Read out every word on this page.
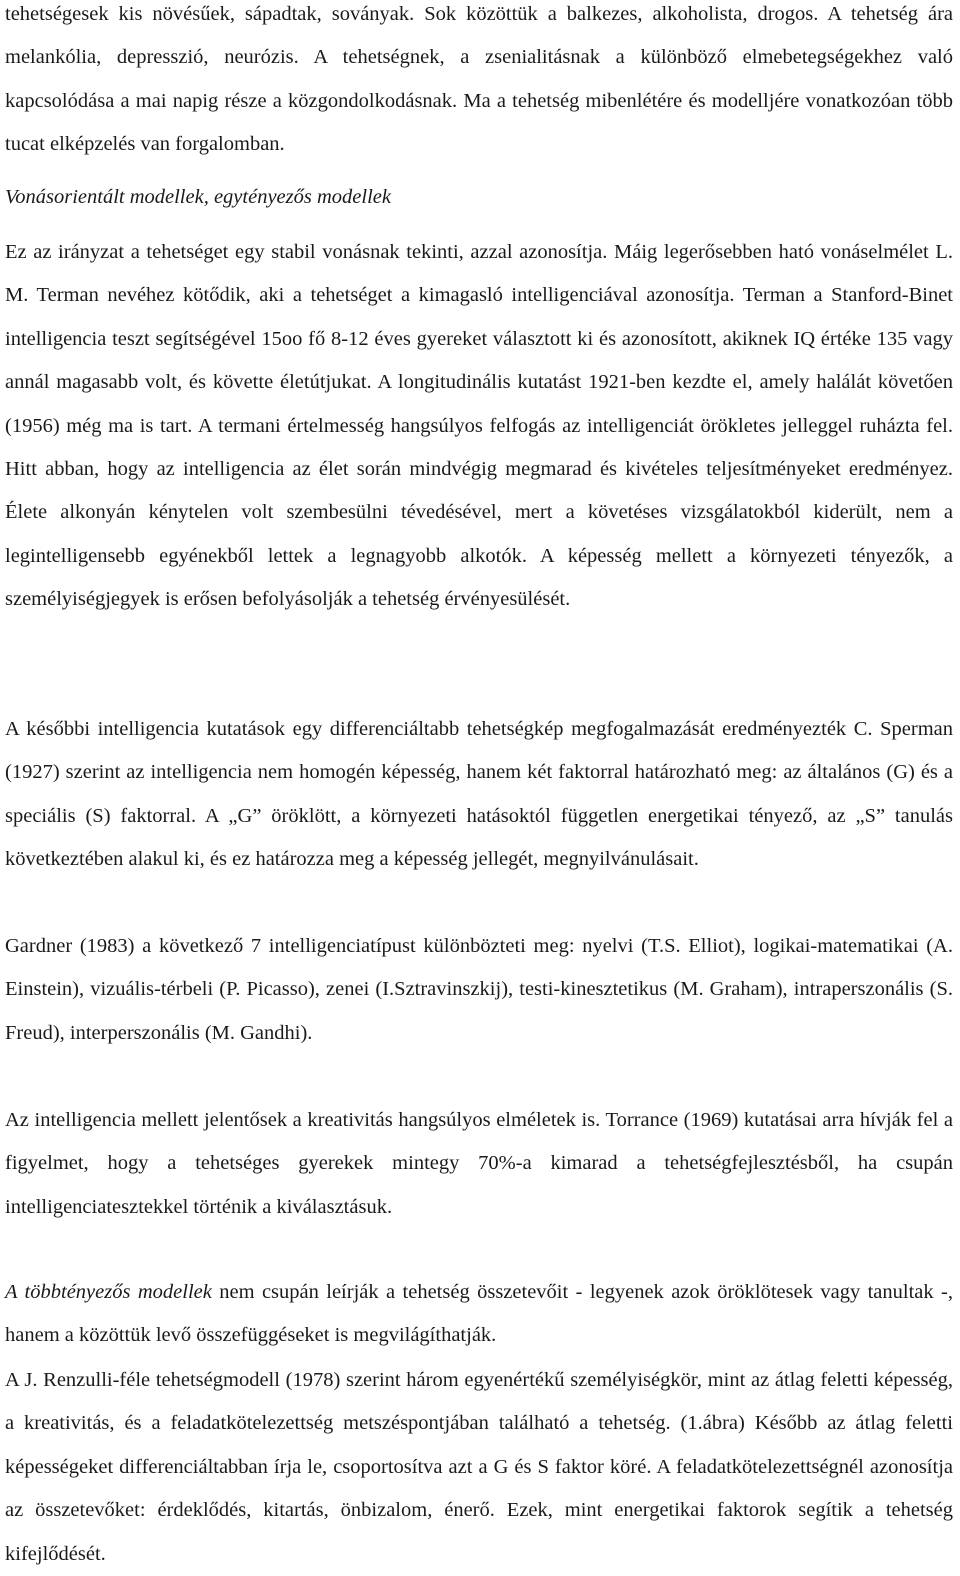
tehetségesek kis növésűek, sápadtak, soványak. Sok közöttük a balkezes, alkoholista, drogos. A tehetség ára melankólia, depresszió, neurózis. A tehetségnek, a zsenialitásnak a különböző elmebetegségekhez való kapcsolódása a mai napig része a közgondolkodásnak. Ma a tehetség mibenlétére és modelljére vonatkozóan több tucat elképzelés van forgalomban.

Vonásorientált modellek, egytényezős modellek

Ez az irányzat a tehetséget egy stabil vonásnak tekinti, azzal azonosítja. Máig legerősebben ható vonáselmélet L. M. Terman nevéhez kötődik, aki a tehetséget a kimagasló intelligenciával azonosítja. Terman a Stanford-Binet intelligencia teszt segítségével 15oo fő 8-12 éves gyereket választott ki és azonosított, akiknek IQ értéke 135 vagy annál magasabb volt, és követte életútjukat. A longitudinális kutatást 1921-ben kezdte el, amely halálát követően (1956) még ma is tart. A termani értelmesség hangsúlyos felfogás az intelligenciát örökletes jelleggel ruházta fel. Hitt abban, hogy az intelligencia az élet során mindvégig megmarad és kivételes teljesítményeket eredményez. Élete alkonyán kénytelen volt szembesülni tévedésével, mert a követéses vizsgálatokból kiderült, nem a legintelligensebb egyénekből lettek a legnagyobb alkotók. A képesség mellett a környezeti tényezők, a személyiségjegyek is erősen befolyásolják a tehetség érvényesülését.

A későbbi intelligencia kutatások egy differenciáltabb tehetségkép megfogalmazását eredményezték C. Sperman (1927) szerint az intelligencia nem homogén képesség, hanem két faktorral határozható meg: az általános (G) és a speciális (S) faktorral. A „G” öröklött, a környezeti hatásoktól független energetikai tényező, az „S” tanulás következtében alakul ki, és ez határozza meg a képesség jellegét, megnyilvánulásait.

Gardner (1983) a következő 7 intelligenciatípust különbözteti meg: nyelvi (T.S. Elliot), logikai-matematikai (A. Einstein), vizuális-térbeli (P. Picasso), zenei (I.Sztravinszkij), testi-kinesztetikus (M. Graham), intraperszonális (S. Freud), interperszonális (M. Gandhi).

Az intelligencia mellett jelentősek a kreativitás hangsúlyos elméletek is. Torrance (1969) kutatásai arra hívják fel a figyelmet, hogy a tehetséges gyerekek mintegy 70%-a kimarad a tehetségfejlesztésből, ha csupán intelligenciatesztekkel történik a kiválasztásuk.

A többtényezős modellek nem csupán leírják a tehetség összetevőit - legyenek azok öröklötesek vagy tanultak -, hanem a közöttük levő összefüggéseket is megvilágíthatják.

A J. Renzulli-féle tehetségmodell (1978) szerint három egyenértékű személyiségkör, mint az átlag feletti képesség, a kreativitás, és a feladatkötelezettség metszéspontjában található a tehetség. (1.ábra) Később az átlag feletti képességeket differenciáltabban írja le, csoportosítva azt a G és S faktor köré. A feladatkötelezettségnél azonosítja az összetevőket: érdeklődés, kitartás, önbizalom, énerő. Ezek, mint energetikai faktorok segítik a tehetség kifejlődését.
